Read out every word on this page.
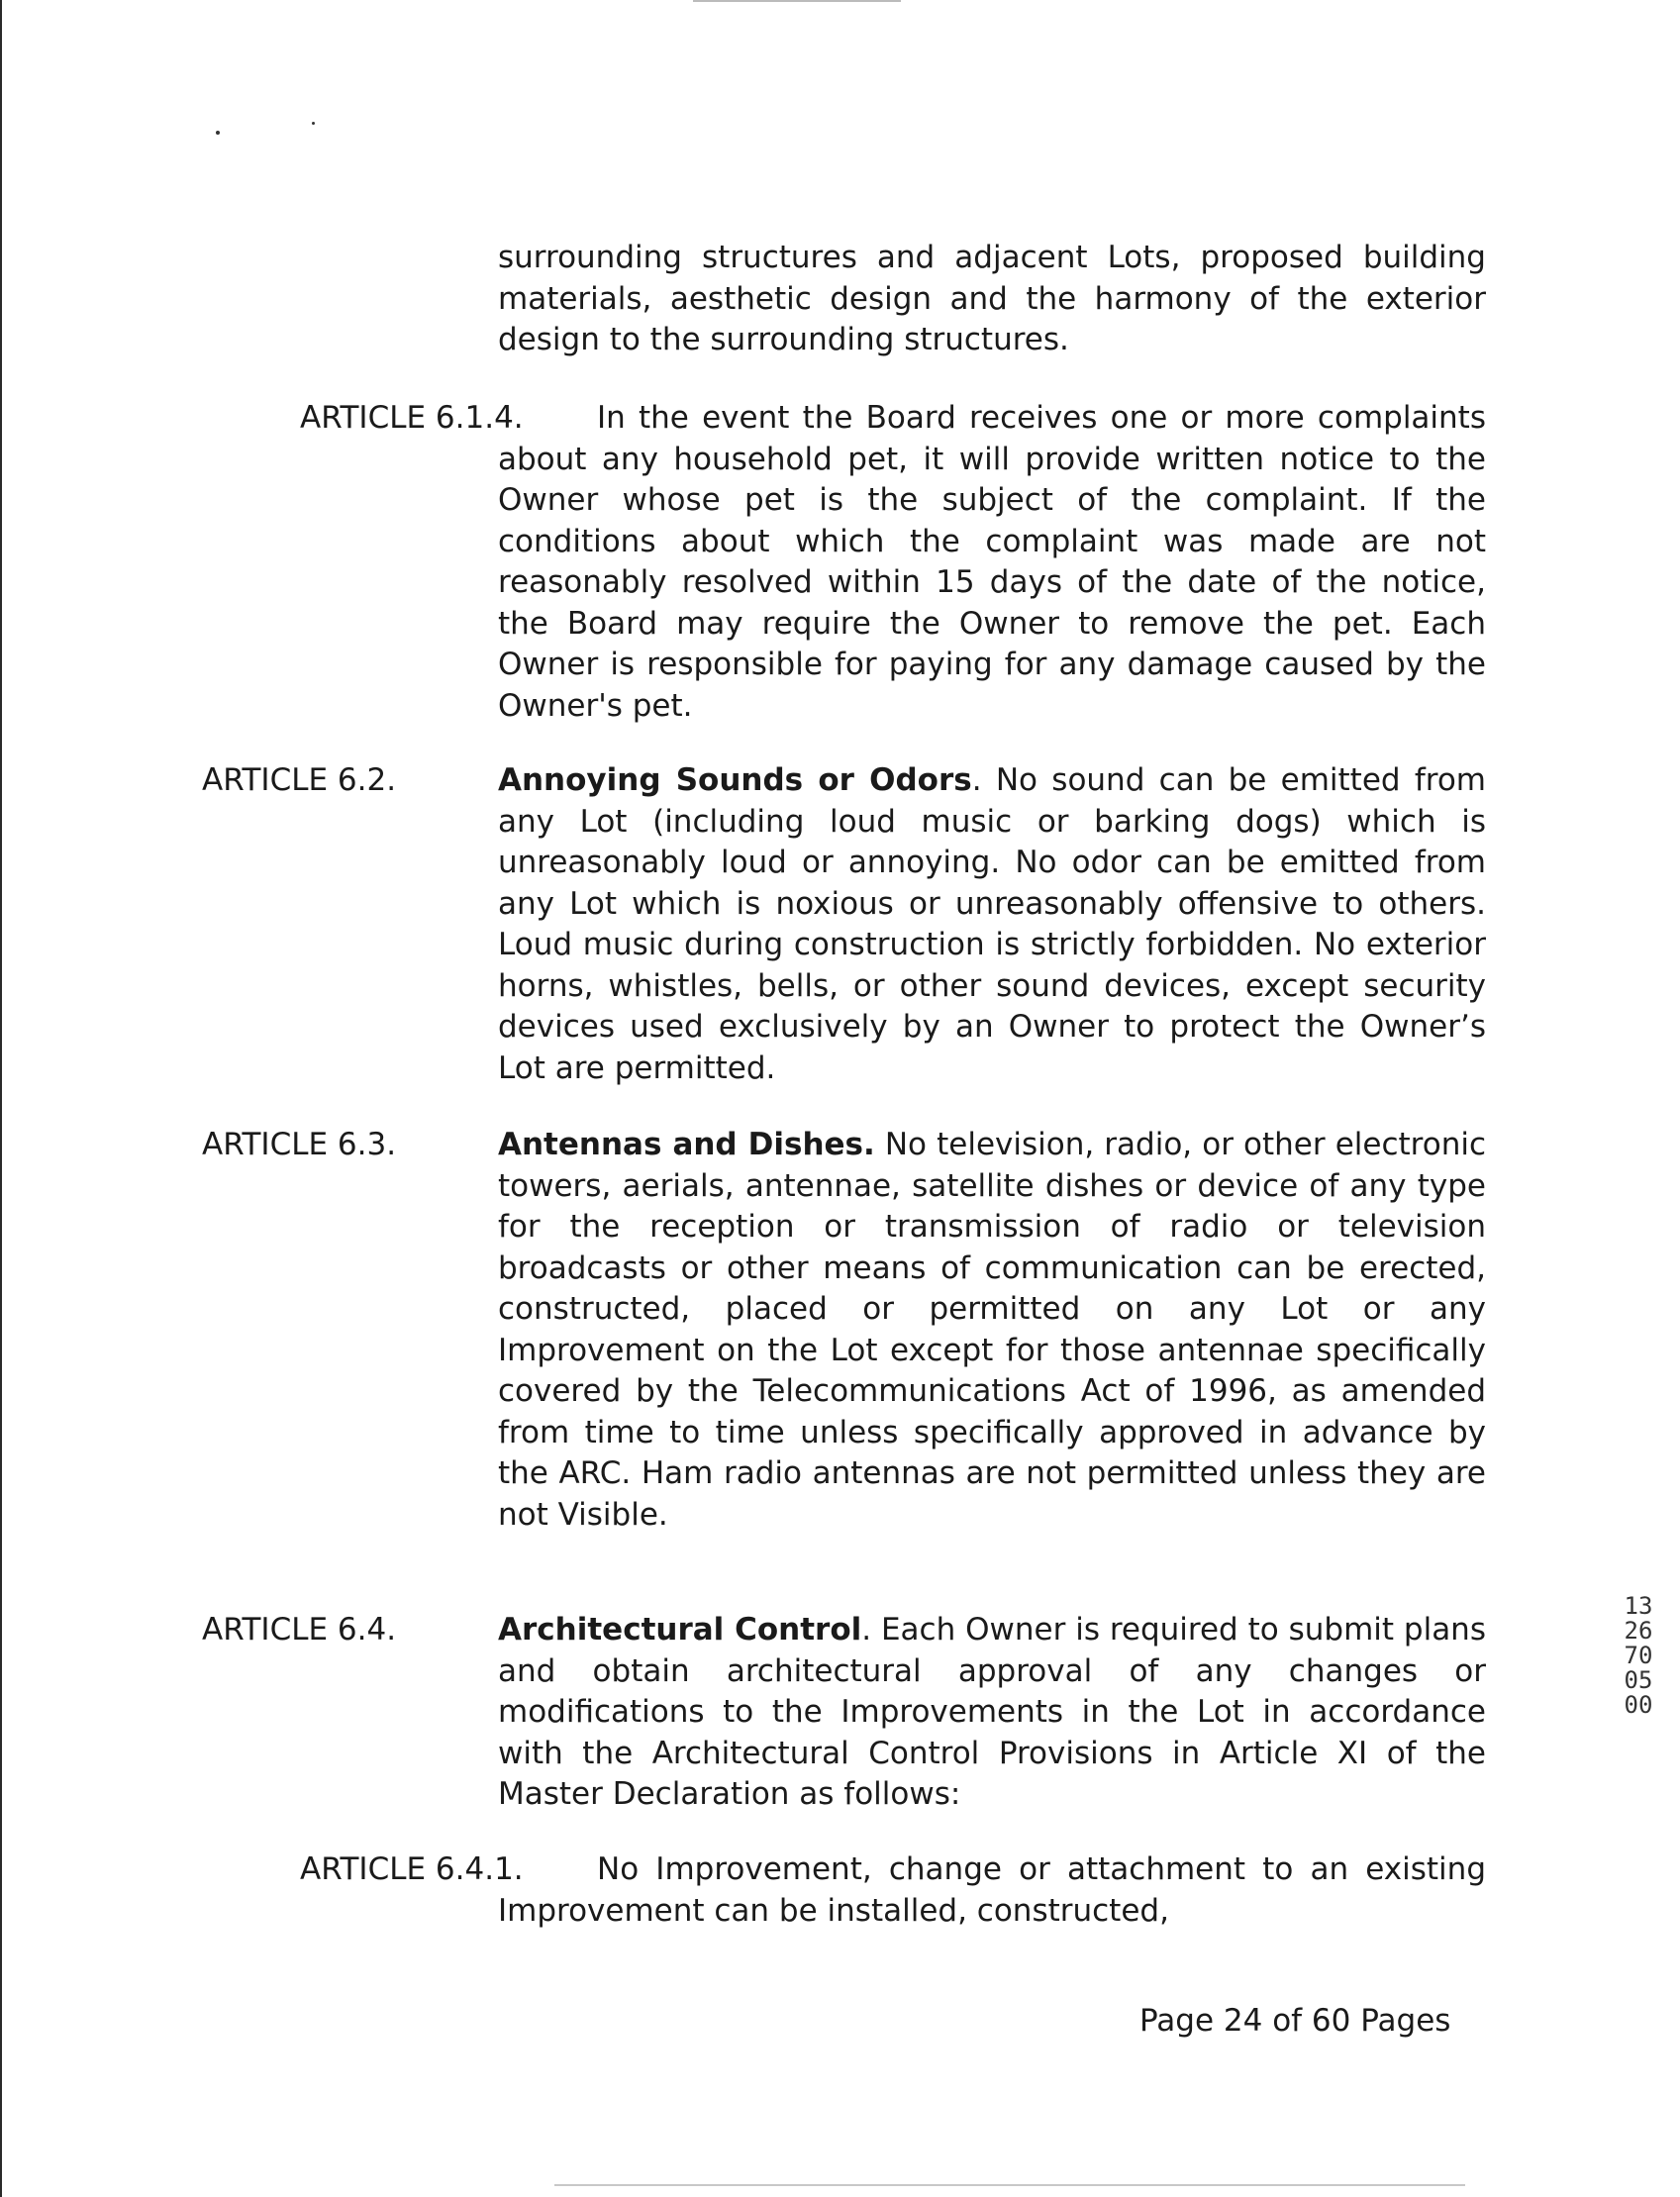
surrounding structures and adjacent Lots, proposed building materials, aesthetic design and the harmony of the exterior design to the surrounding structures.

ARTICLE 6.1.4.	In the event the Board receives one or more complaints about any household pet, it will provide written notice to the Owner whose pet is the subject of the complaint. If the conditions about which the complaint was made are not reasonably resolved within 15 days of the date of the notice, the Board may require the Owner to remove the pet. Each Owner is responsible for paying for any damage caused by the Owner's pet.
ARTICLE 6.2.	Annoying Sounds or Odors. No sound can be emitted from any Lot (including loud music or barking dogs) which is unreasonably loud or annoying. No odor can be emitted from any Lot which is noxious or unreasonably offensive to others. Loud music during construction is strictly forbidden. No exterior horns, whistles, bells, or other sound devices, except security devices used exclusively by an Owner to protect the Owner’s Lot are permitted.
ARTICLE 6.3.	Antennas and Dishes. No television, radio, or other electronic towers, aerials, antennae, satellite dishes or device of any type for the reception or transmission of radio or television broadcasts or other means of communication can be erected, constructed, placed or permitted on any Lot or any Improvement on the Lot except for those antennae specifically covered by the Telecommunications Act of 1996, as amended from time to time unless specifically approved in advance by the ARC. Ham radio antennas are not permitted unless they are not Visible.
ARTICLE 6.4.	Architectural Control. Each Owner is required to submit plans and obtain architectural approval of any changes or modifications to the Improvements in the Lot in accordance with the Architectural Control Provisions in Article XI of the Master Declaration as follows:
ARTICLE 6.4.1.	No Improvement, change or attachment to an existing Improvement can be installed, constructed,
Page 24 of 60 Pages
1326700500
